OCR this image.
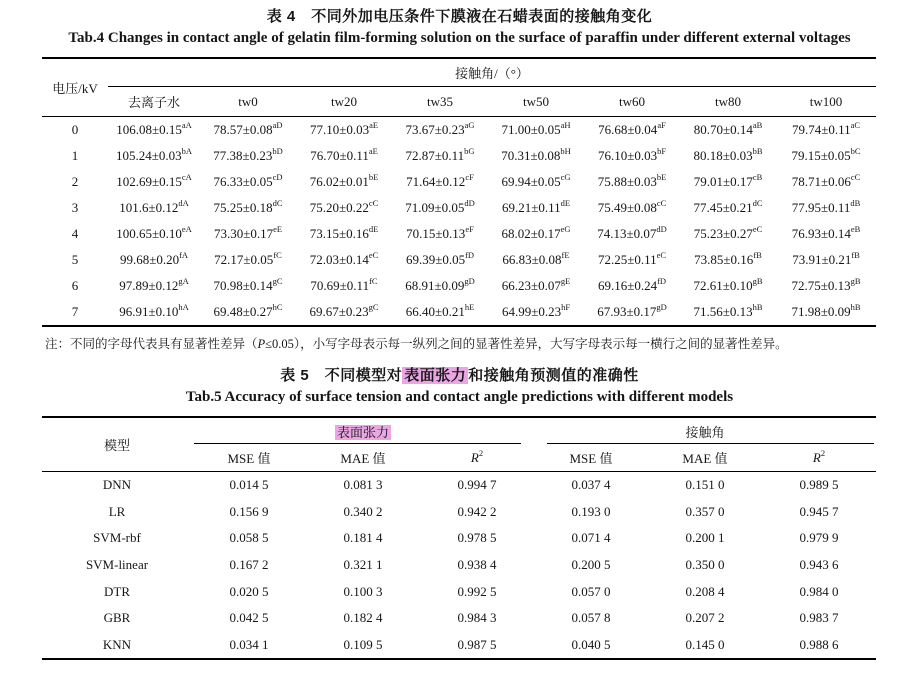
表 4　不同外加电压条件下膜液在石蜡表面的接触角变化
Tab.4 Changes in contact angle of gelatin film-forming solution on the surface of paraffin under different external voltages
电压/kV	接触角/（°）							
	去离子水	tw0	tw20	tw35	tw50	tw60	tw80	tw100
0	$106.08\pm 0.15^{aA}$	$78.57\pm 0.08^{aD}$	$77.10\pm 0.03^{aE}$	$73.67\pm 0.23^{aG}$	$71.00\pm 0.05^{aH}$	$76.68\pm 0.04^{aF}$	$80.70\pm 0.14^{aB}$	$79.74\pm 0.11^{aC}$
1	$105.24\pm 0.03^{bA}$	$77.38\pm 0.23^{bD}$	$76.70\pm 0.11^{aE}$	$72.87\pm 0.11^{bG}$	$70.31\pm 0.08^{bH}$	$76.10\pm 0.03^{bF}$	$80.18\pm 0.03^{bB}$	$79.15\pm 0.05^{bC}$
2	$102.69\pm 0.15^{cA}$	$76.33\pm 0.05^{cD}$	$76.02\pm 0.01^{bE}$	$71.64\pm 0.12^{cF}$	$69.94\pm 0.05^{cG}$	$75.88\pm 0.03^{bE}$	$79.01\pm 0.17^{cB}$	$78.71\pm 0.06^{cC}$
3	$101.6\pm 0.12^{dA}$	$75.25\pm 0.18^{dC}$	$75.20\pm 0.22^{cC}$	$71.09\pm 0.05^{dD}$	69.21±0.11dE	$75.49\pm 0.08^{cC}$	$77.45\pm 0.21^{dC}$	$77.95\pm 0.11^{dB}$
4	$100.65\pm 0.10^{eA}$	$73.30\pm 0.17^{eE}$	73.15±0.16dE	$70.15\pm 0.13^{eF}$	$68.02\pm 0.17^{eG}$	$74.13\pm 0.07^{dD}$	$75.23\pm 0.27^{eC}$	$76.93\pm 0.14^{eB}$
5	$99.68\pm 0.20^{fA}$	$72.17\pm 0.05^{fC}$	$72.03\pm 0.14^{eC}$	$69.39\pm 0.05^{fD}$	$66.83\pm 0.08^{fE}$	$72.25\pm 0.11^{eC}$	$73.85\pm 0.16^{fB}$	$73.91\pm 0.21^{fB}$
6	$97.89\pm 0.12^{gA}$	$70.98\pm 0.14^{gC}$	$70.69\pm 0.11^{fC}$	$68.91\pm 0.09^{gD}$	$66.23\pm 0.07^{gE}$	$69.16\pm 0.24^{fD}$	$72.61\pm 0.10^{gB}$	$72.75\pm 0.13^{gB}$
7	$96.91\pm 0.10^{hA}$	$69.48\pm 0.27^{hC}$	$69.67\pm 0.23^{gC}$	$66.40\pm 0.21^{hE}$	$64.99\pm 0.23^{hF}$	$67.93\pm 0.17^{gD}$	$71.56\pm 0.13^{hB}$	$71.98\pm 0.09^{hB}$
注：不同的字母代表具有显著性差异（P≤0.05），小写字母表示每一纵列之间的显著性差异，大写字母表示每一横行之间的显著性差异。
表 5　不同模型对 表面张力 和接触角预测值的准确性
Tab.5 Accuracy of surface tension and contact angle predictions with different models
模型	表面张力			接触角		

	MSE 值	MAE 值	$R^2$	MSE 值	MAE 值	$R^2$
DNN	0.014 5	0.081 3	0.994 7	0.037 4	0.151 0	0.989 5
LR	0.156 9	0.340 2	0.942 2	0.193 0	0.357 0	0.945 7
SVM-rbf	0.058 5	0.181 4	0.978 5	0.071 4	0.200 1	0.979 9
SVM-linear	0.167 2	0.321 1	0.938 4	0.200 5	0.350 0	0.943 6
DTR	0.020 5	0.100 3	0.992 5	0.057 0	0.208 4	0.984 0
GBR	0.042 5	0.182 4	0.984 3	0.057 8	0.207 2	0.983 7
KNN	0.034 1	0.109 5	0.987 5	0.040 5	0.145 0	0.988 6
